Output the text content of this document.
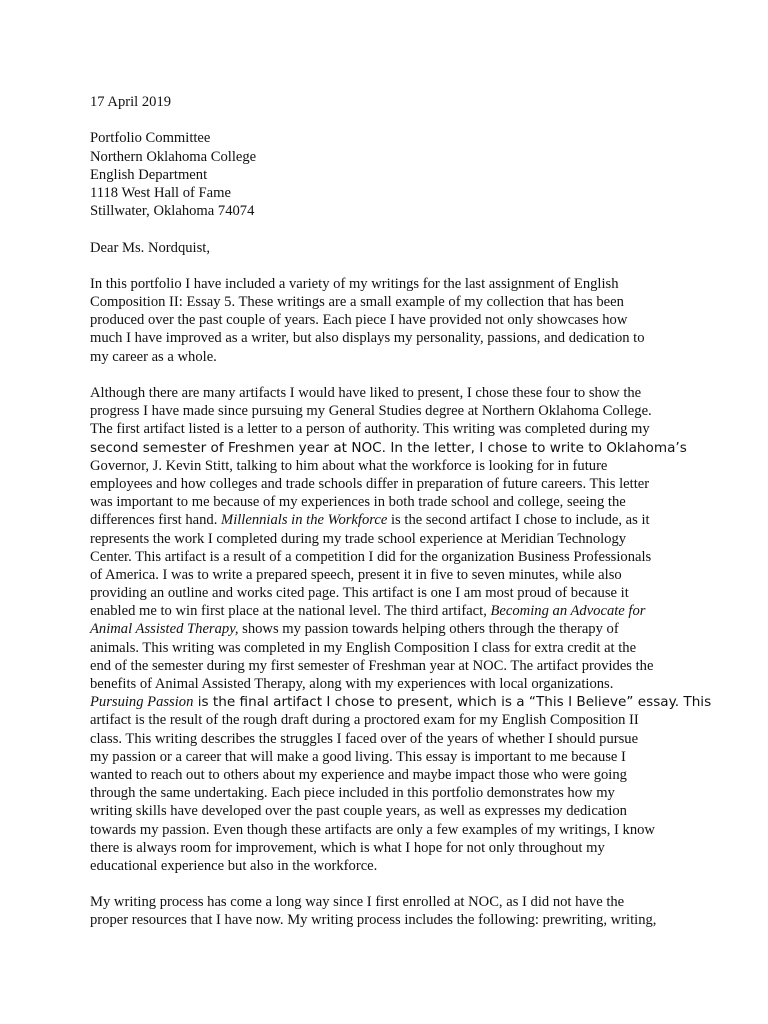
17 April 2019
Portfolio Committee
Northern Oklahoma College
English Department
1118 West Hall of Fame
Stillwater, Oklahoma 74074
Dear Ms. Nordquist,
In this portfolio I have included a variety of my writings for the last assignment of English
Composition II: Essay 5. These writings are a small example of my collection that has been
produced over the past couple of years. Each piece I have provided not only showcases how
much I have improved as a writer, but also displays my personality, passions, and dedication to
my career as a whole.
Although there are many artifacts I would have liked to present, I chose these four to show the
progress I have made since pursuing my General Studies degree at Northern Oklahoma College.
The first artifact listed is a letter to a person of authority. This writing was completed during my
second semester of Freshmen year at NOC. In the letter, I chose to write to Oklahoma’s
Governor, J. Kevin Stitt, talking to him about what the workforce is looking for in future
employees and how colleges and trade schools differ in preparation of future careers. This letter
was important to me because of my experiences in both trade school and college, seeing the
differences first hand. Millennials in the Workforce is the second artifact I chose to include, as it
represents the work I completed during my trade school experience at Meridian Technology
Center. This artifact is a result of a competition I did for the organization Business Professionals
of America. I was to write a prepared speech, present it in five to seven minutes, while also
providing an outline and works cited page. This artifact is one I am most proud of because it
enabled me to win first place at the national level. The third artifact, Becoming an Advocate for
Animal Assisted Therapy, shows my passion towards helping others through the therapy of
animals. This writing was completed in my English Composition I class for extra credit at the
end of the semester during my first semester of Freshman year at NOC. The artifact provides the
benefits of Animal Assisted Therapy, along with my experiences with local organizations.
Pursuing Passion is the final artifact I chose to present, which is a “This I Believe” essay. This
artifact is the result of the rough draft during a proctored exam for my English Composition II
class. This writing describes the struggles I faced over of the years of whether I should pursue
my passion or a career that will make a good living. This essay is important to me because I
wanted to reach out to others about my experience and maybe impact those who were going
through the same undertaking. Each piece included in this portfolio demonstrates how my
writing skills have developed over the past couple years, as well as expresses my dedication
towards my passion. Even though these artifacts are only a few examples of my writings, I know
there is always room for improvement, which is what I hope for not only throughout my
educational experience but also in the workforce.
My writing process has come a long way since I first enrolled at NOC, as I did not have the
proper resources that I have now. My writing process includes the following: prewriting, writing,
